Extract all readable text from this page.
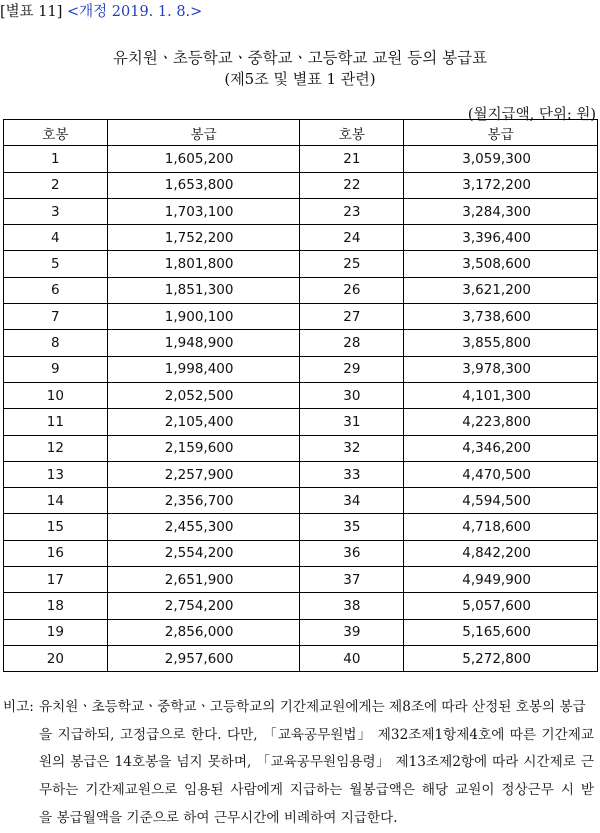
[별표 11] <개정 2019. 1. 8.>
유치원ㆍ초등학교ㆍ중학교ㆍ고등학교 교원 등의 봉급표
(제5조 및 별표 1 관련)
(월지급액, 단위: 원)
호봉	봉급	호봉	봉급
1	1,605,200	21	3,059,300
2	1,653,800	22	3,172,200
3	1,703,100	23	3,284,300
4	1,752,200	24	3,396,400
5	1,801,800	25	3,508,600
6	1,851,300	26	3,621,200
7	1,900,100	27	3,738,600
8	1,948,900	28	3,855,800
9	1,998,400	29	3,978,300
10	2,052,500	30	4,101,300
11	2,105,400	31	4,223,800
12	2,159,600	32	4,346,200
13	2,257,900	33	4,470,500
14	2,356,700	34	4,594,500
15	2,455,300	35	4,718,600
16	2,554,200	36	4,842,200
17	2,651,900	37	4,949,900
18	2,754,200	38	5,057,600
19	2,856,000	39	5,165,600
20	2,957,600	40	5,272,800
비고: 유치원ㆍ초등학교ㆍ중학교ㆍ고등학교의 기간제교원에게는 제8조에 따라 산정된 호봉의 봉급
을 지급하되, 고정급으로 한다. 다만, 「교육공무원법」 제32조제1항제4호에 따른 기간제교
원의 봉급은 14호봉을 넘지 못하며, 「교육공무원임용령」 제13조제2항에 따라 시간제로 근
무하는 기간제교원으로 임용된 사람에게 지급하는 월봉급액은 해당 교원이 정상근무 시 받
을 봉급월액을 기준으로 하여 근무시간에 비례하여 지급한다.
